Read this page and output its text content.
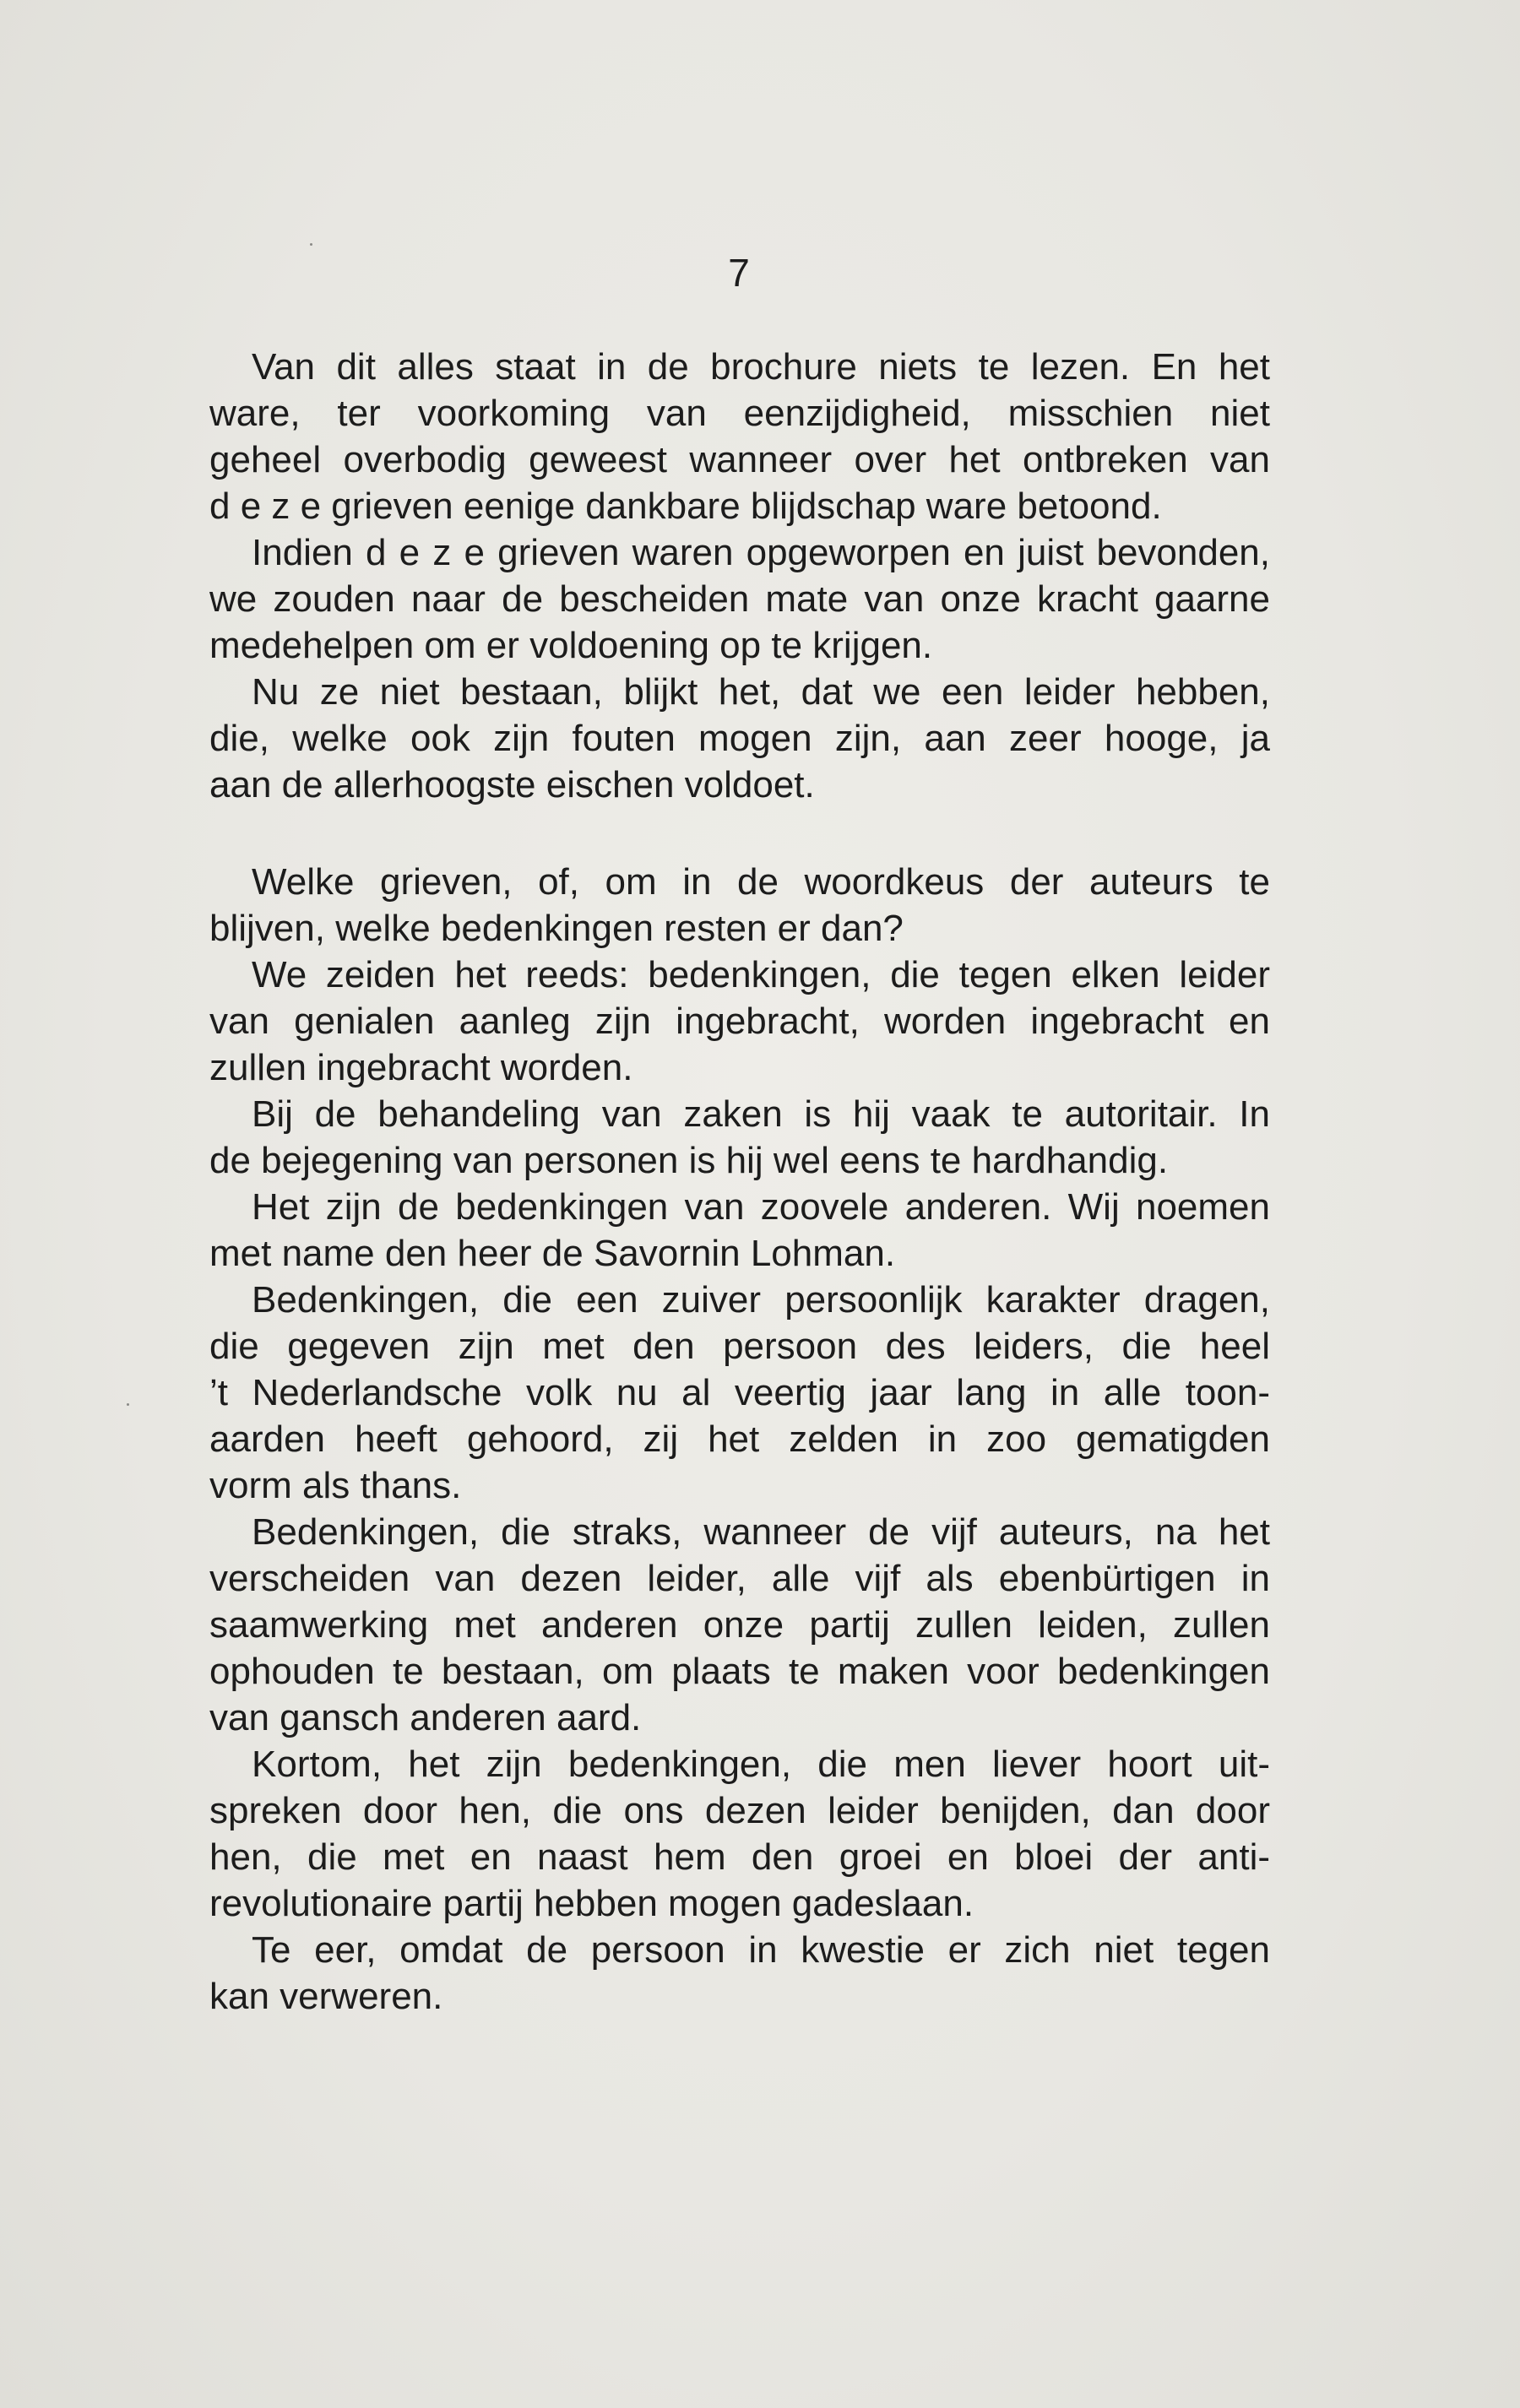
7
Van dit alles staat in de brochure niets te lezen. En het
ware, ter voorkoming van eenzijdigheid, misschien niet
geheel overbodig geweest wanneer over het ontbreken van
d e z e grieven eenige dankbare blijdschap ware betoond.
Indien d e z e grieven waren opgeworpen en juist bevonden,
we zouden naar de bescheiden mate van onze kracht gaarne
medehelpen om er voldoening op te krijgen.
Nu ze niet bestaan, blijkt het, dat we een leider hebben,
die, welke ook zijn fouten mogen zijn, aan zeer hooge, ja
aan de allerhoogste eischen voldoet.
Welke grieven, of, om in de woordkeus der auteurs te
blijven, welke bedenkingen resten er dan?
We zeiden het reeds: bedenkingen, die tegen elken leider
van genialen aanleg zijn ingebracht, worden ingebracht en
zullen ingebracht worden.
Bij de behandeling van zaken is hij vaak te autoritair. In
de bejegening van personen is hij wel eens te hardhandig.
Het zijn de bedenkingen van zoovele anderen. Wij noemen
met name den heer de Savornin Lohman.
Bedenkingen, die een zuiver persoonlijk karakter dragen,
die gegeven zijn met den persoon des leiders, die heel
’t Nederlandsche volk nu al veertig jaar lang in alle toon-
aarden heeft gehoord, zij het zelden in zoo gematigden
vorm als thans.
Bedenkingen, die straks, wanneer de vijf auteurs, na het
verscheiden van dezen leider, alle vijf als ebenbürtigen in
saamwerking met anderen onze partij zullen leiden, zullen
ophouden te bestaan, om plaats te maken voor bedenkingen
van gansch anderen aard.
Kortom, het zijn bedenkingen, die men liever hoort uit-
spreken door hen, die ons dezen leider benijden, dan door
hen, die met en naast hem den groei en bloei der anti-
revolutionaire partij hebben mogen gadeslaan.
Te eer, omdat de persoon in kwestie er zich niet tegen
kan verweren.
